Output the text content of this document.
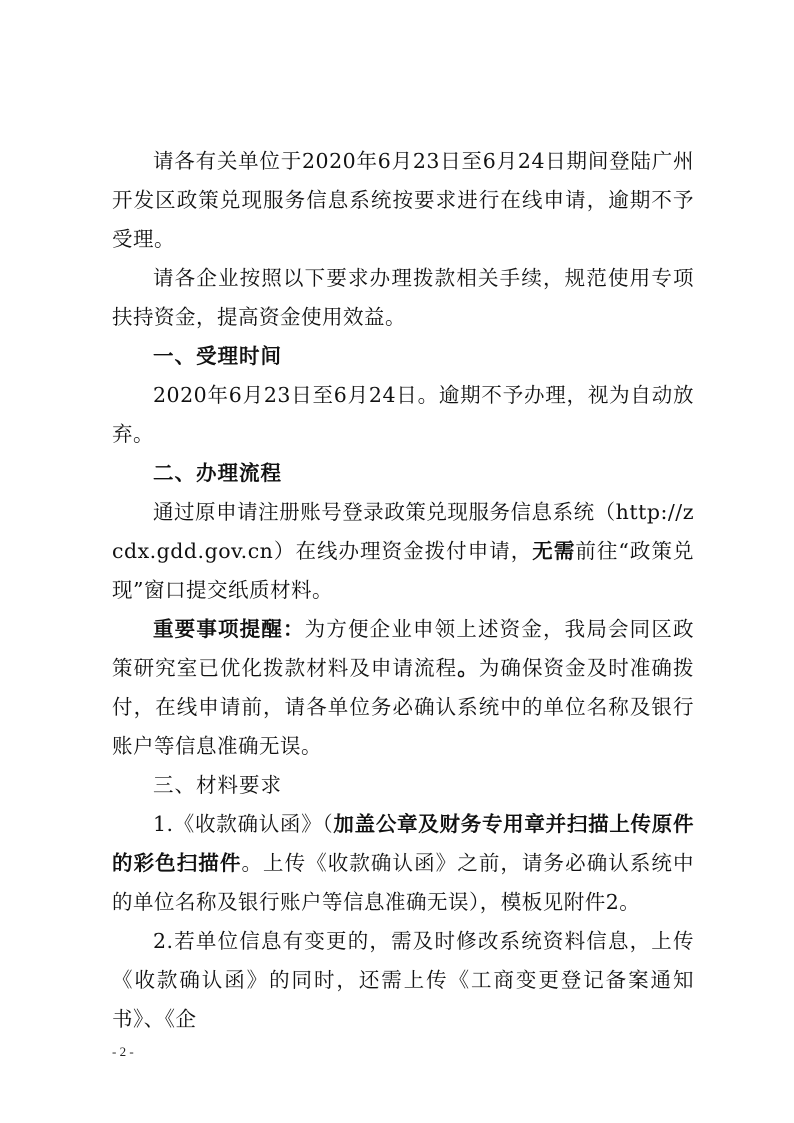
请各有关单位于2020年6月23日至6月24日期间登陆广州开发区政策兑现服务信息系统按要求进行在线申请，逾期不予受理。

请各企业按照以下要求办理拨款相关手续，规范使用专项扶持资金，提高资金使用效益。

一、受理时间

2020年6月23日至6月24日。逾期不予办理，视为自动放弃。

二、办理流程

通过原申请注册账号登录政策兑现服务信息系统（http://zcdx.gdd.gov.cn）在线办理资金拨付申请，无需前往“政策兑现”窗口提交纸质材料。

重要事项提醒：为方便企业申领上述资金，我局会同区政策研究室已优化拨款材料及申请流程。为确保资金及时准确拨付，在线申请前，请各单位务必确认系统中的单位名称及银行账户等信息准确无误。

三、材料要求

1.《收款确认函》（加盖公章及财务专用章并扫描上传原件的彩色扫描件。上传《收款确认函》之前，请务必确认系统中的单位名称及银行账户等信息准确无误），模板见附件2。

2.若单位信息有变更的，需及时修改系统资料信息，上传《收款确认函》的同时，还需上传《工商变更登记备案通知书》、《企

- 2 -
